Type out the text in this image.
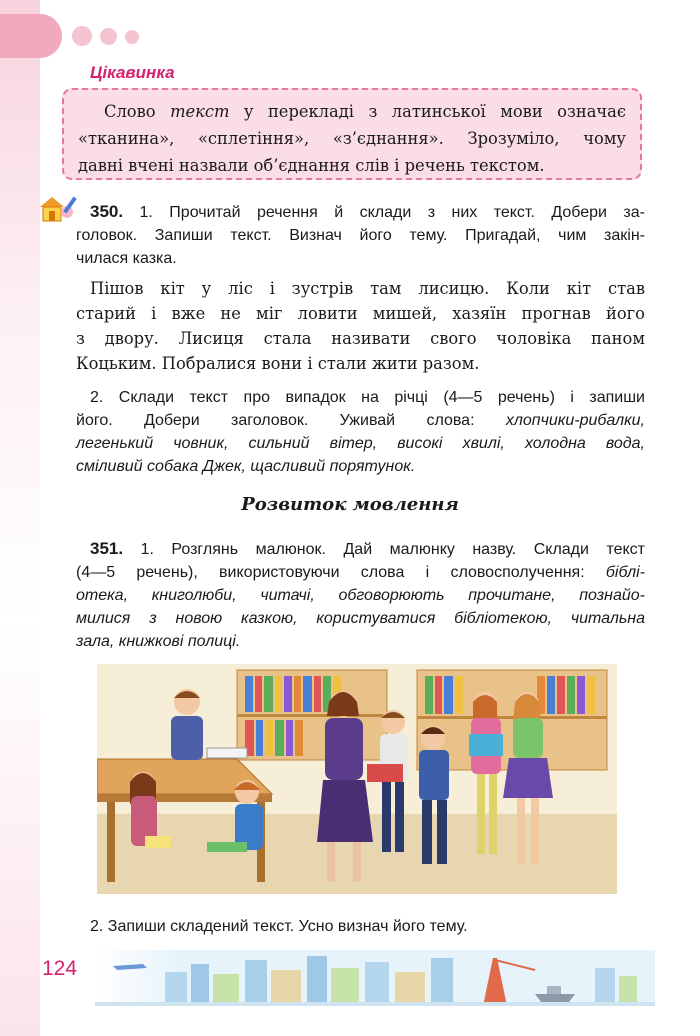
Цікавинка

Слово текст у перекладі з латинської мови означає

«тканина», «сплетіння», «з’єднання». Зрозуміло, чому

давні вчені назвали об’єднання слів і речень текстом.

350. 1. Прочитай речення й склади з них текст. Добери за-
головок. Запиши текст. Визнач його тему. Пригадай, чим закін-
чилася казка.
Пішов кіт у ліс і зустрів там лисицю. Коли кіт став
старий і вже не міг ловити мишей, хазяїн прогнав його
з двору. Лисиця стала називати свого чоловіка паном
Коцьким. Побралися вони і стали жити разом.
2. Склади текст про випадок на річці (4—5 речень) і запиши
його. Добери заголовок. Уживай слова: хлопчики-рибалки,
легенький човник, сильний вітер, високі хвилі, холодна вода,
сміливий собака Джек, щасливий порятунок.
Розвиток мовлення
351. 1. Розглянь малюнок. Дай малюнку назву. Склади текст
(4—5 речень), використовуючи слова і словосполучення: біблі-
отека, книголюби, читачі, обговорюють прочитане, познайо-
милися з новою казкою, користуватися бібліотекою, читальна
зала, книжкові полиці.
2. Запиши складений текст. Усно визнач його тему.
124
